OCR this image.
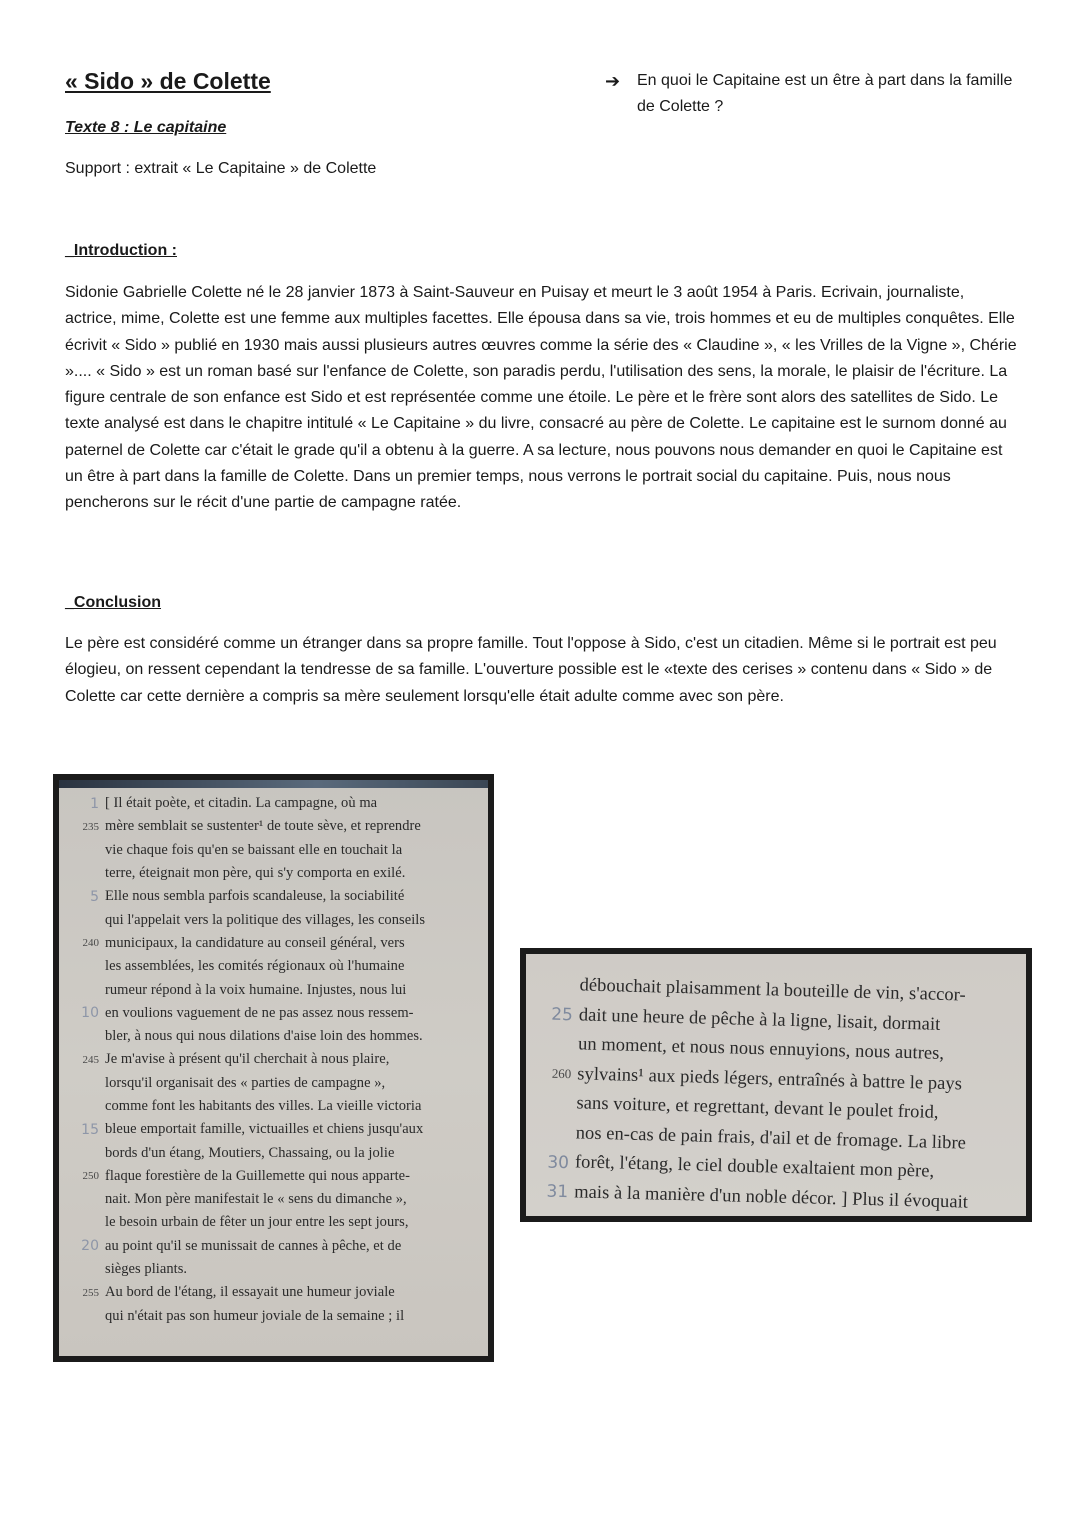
« Sido » de Colette
Texte 8 : Le capitaine

Support : extrait « Le Capitaine » de Colette

➔ En quoi le Capitaine est un être à part dans la famille de Colette ?
_Introduction :

Sidonie Gabrielle Colette né le 28 janvier 1873 à Saint-Sauveur en Puisay et meurt le 3 août 1954 à Paris. Ecrivain, journaliste, actrice, mime, Colette est une femme aux multiples facettes. Elle épousa dans sa vie, trois hommes et eu de multiples conquêtes. Elle écrivit « Sido » publié en 1930 mais aussi plusieurs autres œuvres comme la série des « Claudine », « les Vrilles de la Vigne », Chérie ».... « Sido » est un roman basé sur l'enfance de Colette, son paradis perdu, l'utilisation des sens, la morale, le plaisir de l'écriture. La figure centrale de son enfance est Sido et est représentée comme une étoile. Le père et le frère sont alors des satellites de Sido. Le texte analysé est dans le chapitre intitulé « Le Capitaine » du livre, consacré au père de Colette. Le capitaine est le surnom donné au paternel de Colette car c'était le grade qu'il a obtenu à la guerre. A sa lecture, nous pouvons nous demander en quoi le Capitaine est un être à part dans la famille de Colette. Dans un premier temps, nous verrons le portrait social du capitaine. Puis, nous nous pencherons sur le récit d'une partie de campagne ratée.

_Conclusion

Le père est considéré comme un étranger dans sa propre famille. Tout l'oppose à Sido, c'est un citadien. Même si le portrait est peu élogieu, on ressent cependant la tendresse de sa famille. L'ouverture possible est le «texte des cerises » contenu dans « Sido » de Colette car cette dernière a compris sa mère seulement lorsqu'elle était adulte comme avec son père.

1 [ Il était poète, et citadin. La campagne, où ma
235 mère semblait se sustenter¹ de toute sève, et reprendre
vie chaque fois qu'en se baissant elle en touchait la
terre, éteignait mon père, qui s'y comporta en exilé.
5 Elle nous sembla parfois scandaleuse, la sociabilité
qui l'appelait vers la politique des villages, les conseils
240 municipaux, la candidature au conseil général, vers
les assemblées, les comités régionaux où l'humaine
rumeur répond à la voix humaine. Injustes, nous lui
10 en voulions vaguement de ne pas assez nous ressem-
bler, à nous qui nous dilations d'aise loin des hommes.
245 Je m'avise à présent qu'il cherchait à nous plaire,
lorsqu'il organisait des « parties de campagne »,
comme font les habitants des villes. La vieille victoria
15 bleue emportait famille, victuailles et chiens jusqu'aux
bords d'un étang, Moutiers, Chassaing, ou la jolie
250 flaque forestière de la Guillemette qui nous apparte-
nait. Mon père manifestait le « sens du dimanche »,
le besoin urbain de fêter un jour entre les sept jours,
20 au point qu'il se munissait de cannes à pêche, et de
sièges pliants.
255 Au bord de l'étang, il essayait une humeur joviale
qui n'était pas son humeur joviale de la semaine ; il
débouchait plaisamment la bouteille de vin, s'accor-
25 dait une heure de pêche à la ligne, lisait, dormait
un moment, et nous nous ennuyions, nous autres,
260 sylvains¹ aux pieds légers, entraînés à battre le pays
sans voiture, et regrettant, devant le poulet froid,
nos en-cas de pain frais, d'ail et de fromage. La libre
30 forêt, l'étang, le ciel double exaltaient mon père,
31 mais à la manière d'un noble décor. ] Plus il évoquait
